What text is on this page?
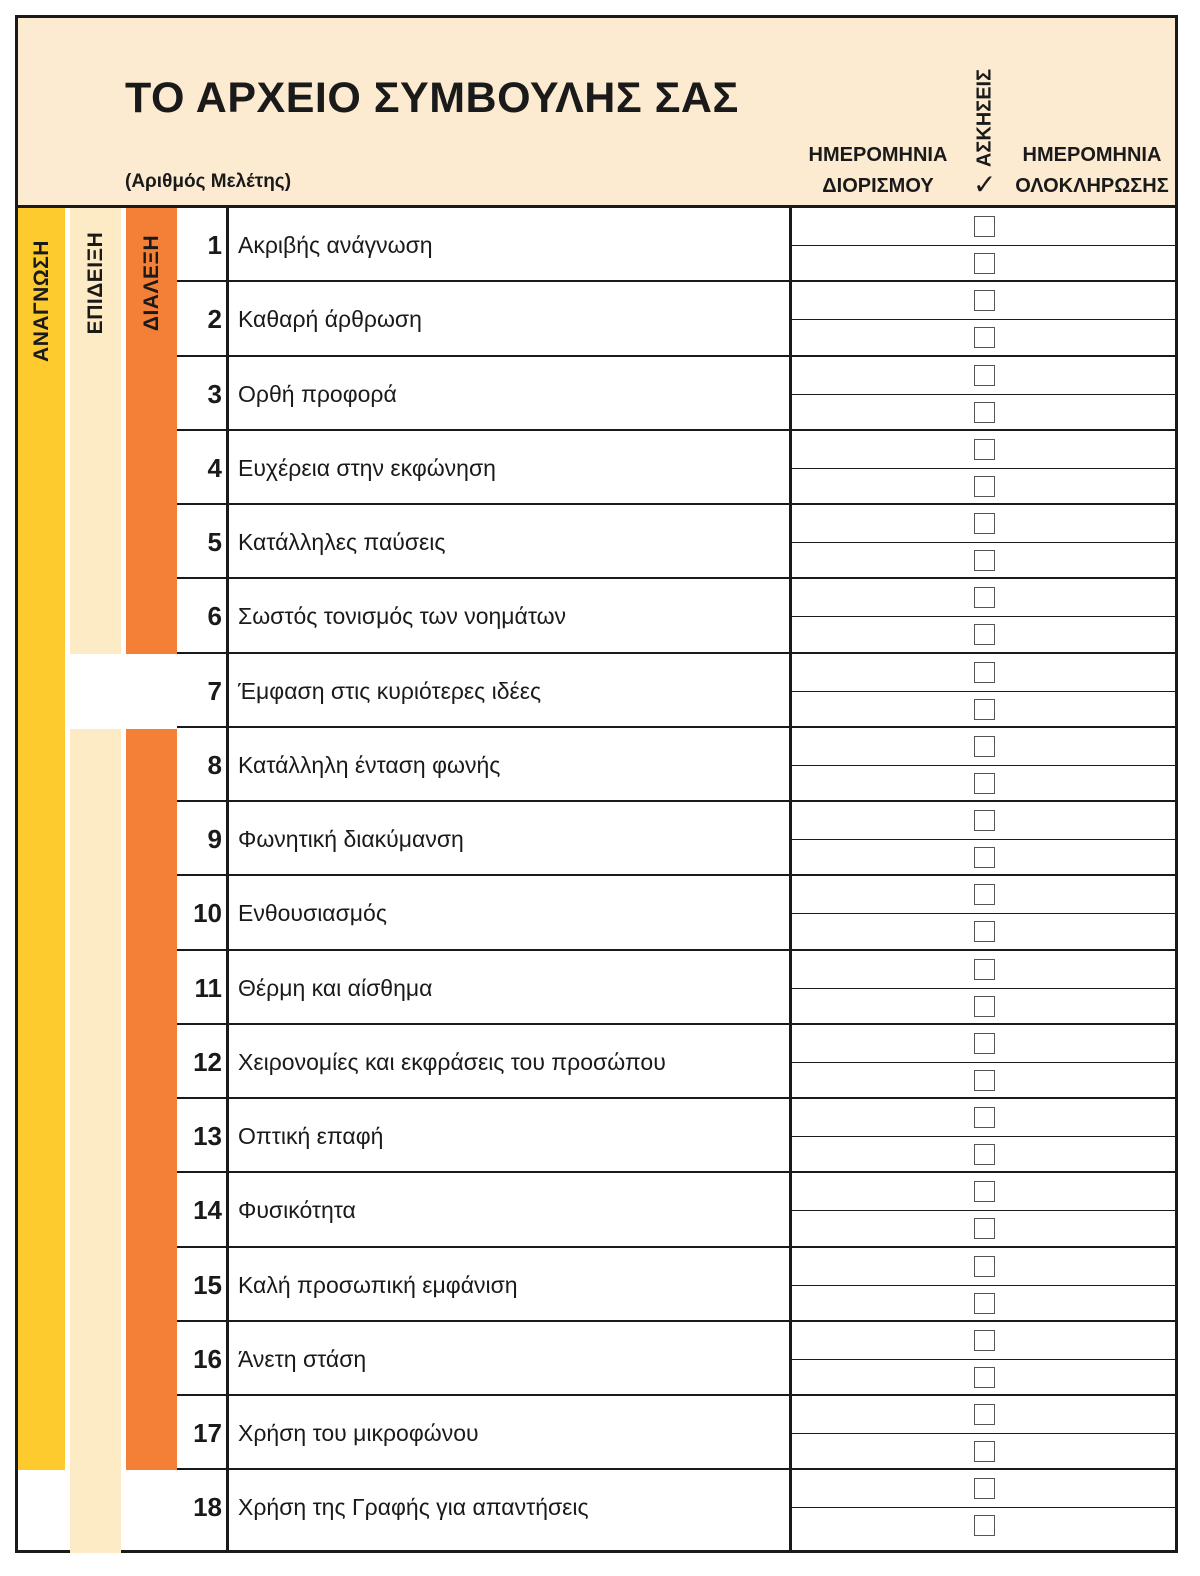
ΤΟ ΑΡΧΕΙΟ ΣΥΜΒΟΥΛΗΣ ΣΑΣ
(Αριθμός Μελέτης)
ΗΜΕΡΟΜΗΝΙΑ
ΔΙΟΡΙΣΜΟΥ
ΑΣΚΗΣΕΙΣ
✓
ΗΜΕΡΟΜΗΝΙΑ
ΟΛΟΚΛΗΡΩΣΗΣ
ΑΝΑΓΝΩΣΗ ΕΠΙΔΕΙΞΗ ΔΙΑΛΕΞΗ	1 Ακριβής ανάγνωση
2 Καθαρή άρθρωση
3 Ορθή προφορά
4 Ευχέρεια στην εκφώνηση
5 Κατάλληλες παύσεις
6 Σωστός τονισμός των νοημάτων
7 Έμφαση στις κυριότερες ιδέες
8 Κατάλληλη ένταση φωνής
9 Φωνητική διακύμανση
10 Ενθουσιασμός
11 Θέρμη και αίσθημα
12 Χειρονομίες και εκφράσεις του προσώπου
13 Οπτική επαφή
14 Φυσικότητα
15 Καλή προσωπική εμφάνιση
16 Άνετη στάση
17 Χρήση του μικροφώνου
18 Χρήση της Γραφής για απαντήσεις
